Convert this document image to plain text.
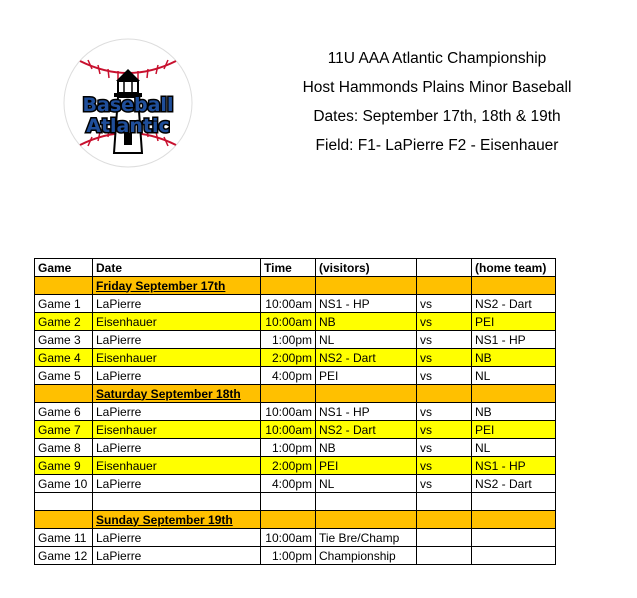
Baseball
Atlantic
11U AAA Atlantic Championship
Host Hammonds Plains Minor Baseball
Dates: September 17th, 18th & 19th
Field: F1- LaPierre F2 - Eisenhauer
Game	Date	Time	(visitors)		(home team)
	Friday September 17th				
Game 1	LaPierre	10:00am	NS1 - HP	vs	NS2 - Dart
Game 2	Eisenhauer	10:00am	NB	vs	PEI
Game 3	LaPierre	1:00pm	NL	vs	NS1 - HP
Game 4	Eisenhauer	2:00pm	NS2 - Dart	vs	NB
Game 5	LaPierre	4:00pm	PEI	vs	NL
	Saturday September 18th				
Game 6	LaPierre	10:00am	NS1 - HP	vs	NB
Game 7	Eisenhauer	10:00am	NS2 - Dart	vs	PEI
Game 8	LaPierre	1:00pm	NB	vs	NL
Game 9	Eisenhauer	2:00pm	PEI	vs	NS1 - HP
Game 10	LaPierre	4:00pm	NL	vs	NS2 - Dart

	Sunday September 19th				
Game 11	LaPierre	10:00am	Tie Bre/Champ		
Game 12	LaPierre	1:00pm	Championship		
